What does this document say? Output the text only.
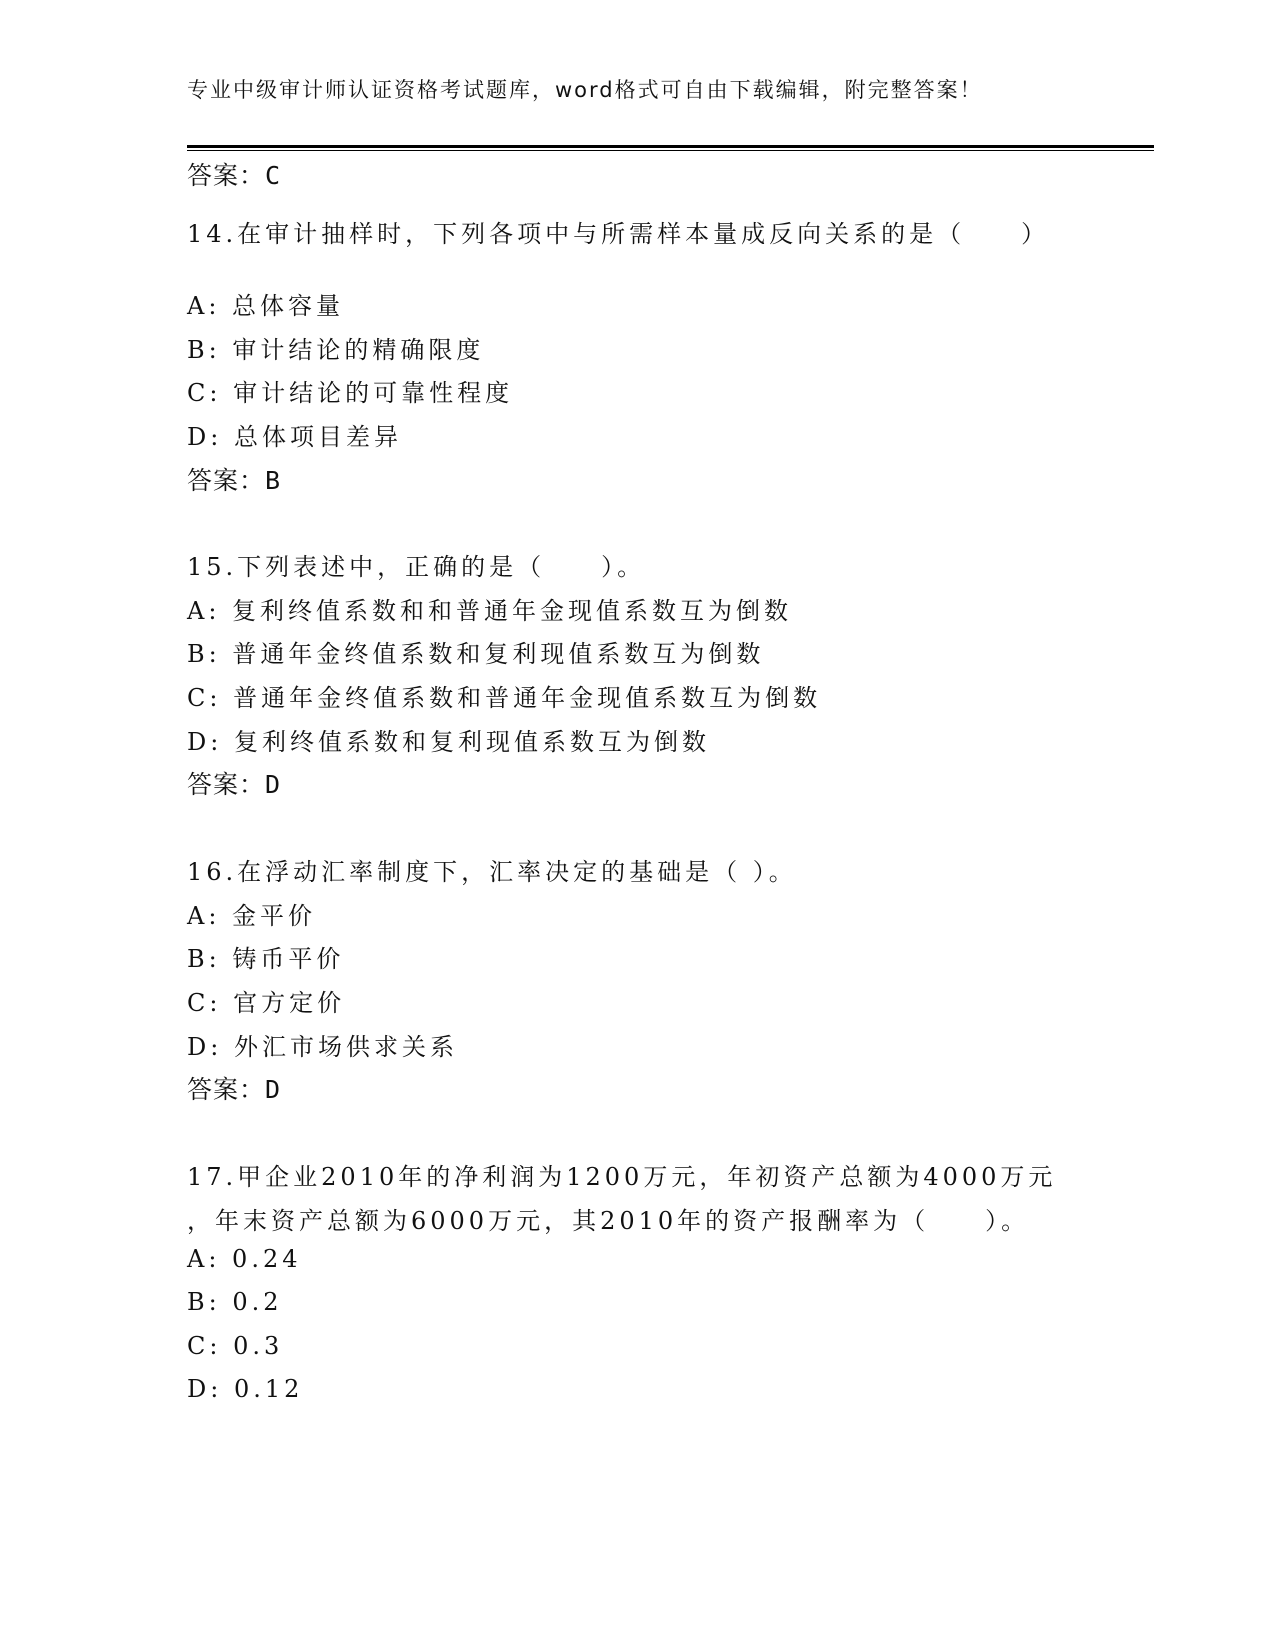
专业中级审计师认证资格考试题库，word格式可自由下载编辑，附完整答案！
答案：C
14.在审计抽样时，下列各项中与所需样本量成反向关系的是（　　）
A: 总体容量
B: 审计结论的精确限度
C: 审计结论的可靠性程度
D: 总体项目差异
答案：B
15.下列表述中，正确的是（　　）。
A: 复利终值系数和和普通年金现值系数互为倒数
B: 普通年金终值系数和复利现值系数互为倒数
C: 普通年金终值系数和普通年金现值系数互为倒数
D: 复利终值系数和复利现值系数互为倒数
答案：D
16.在浮动汇率制度下，汇率决定的基础是（ ）。
A: 金平价
B: 铸币平价
C: 官方定价
D: 外汇市场供求关系
答案：D
17.甲企业2010年的净利润为1200万元，年初资产总额为4000万元
，年末资产总额为6000万元，其2010年的资产报酬率为（　　）。
A: 0.24
B: 0.2
C: 0.3
D: 0.12
